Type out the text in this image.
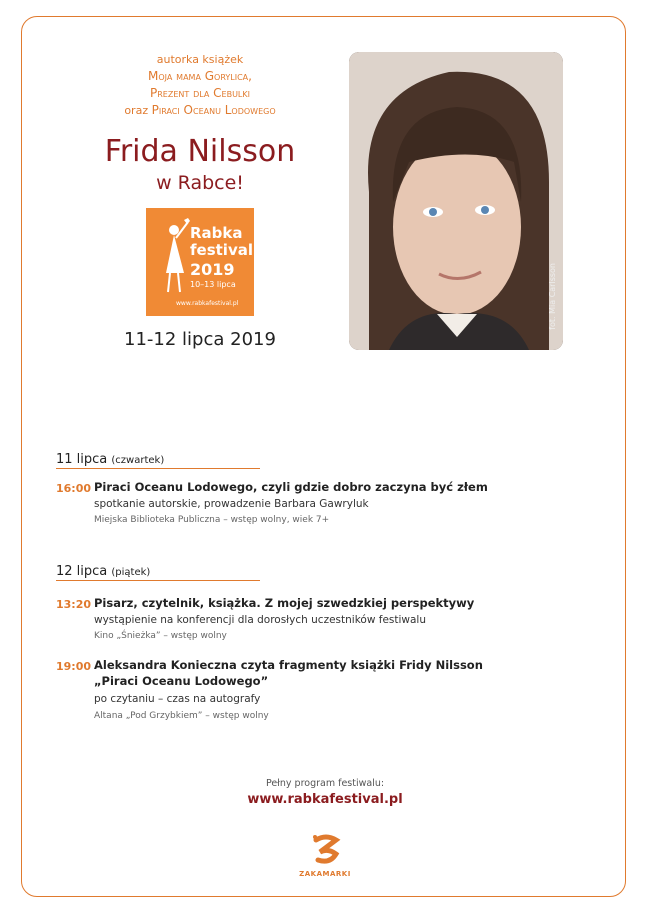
autorka książek
Moja mama Gorylica,
Prezent dla Cebulki
oraz Piraci Oceanu Lodowego
Frida Nilsson
w Rabce!
Rabka
festival
2019
10–13 lipca
www.rabkafestival.pl
11-12 lipca 2019
fot. Mia Carlsson
11 lipca (czwartek)
16:00 Piraci Oceanu Lodowego, czyli gdzie dobro zaczyna być złem
spotkanie autorskie, prowadzenie Barbara Gawryluk
Miejska Biblioteka Publiczna – wstęp wolny, wiek 7+
12 lipca (piątek)
13:20 Pisarz, czytelnik, książka. Z mojej szwedzkiej perspektywy
wystąpienie na konferencji dla dorosłych uczestników festiwalu
Kino „Śnieżka” – wstęp wolny
19:00 Aleksandra Konieczna czyta fragmenty książki Fridy Nilsson
„Piraci Oceanu Lodowego”
po czytaniu – czas na autografy
Altana „Pod Grzybkiem” – wstęp wolny
Pełny program festiwalu:
www.rabkafestival.pl
ZAKAMARKI
